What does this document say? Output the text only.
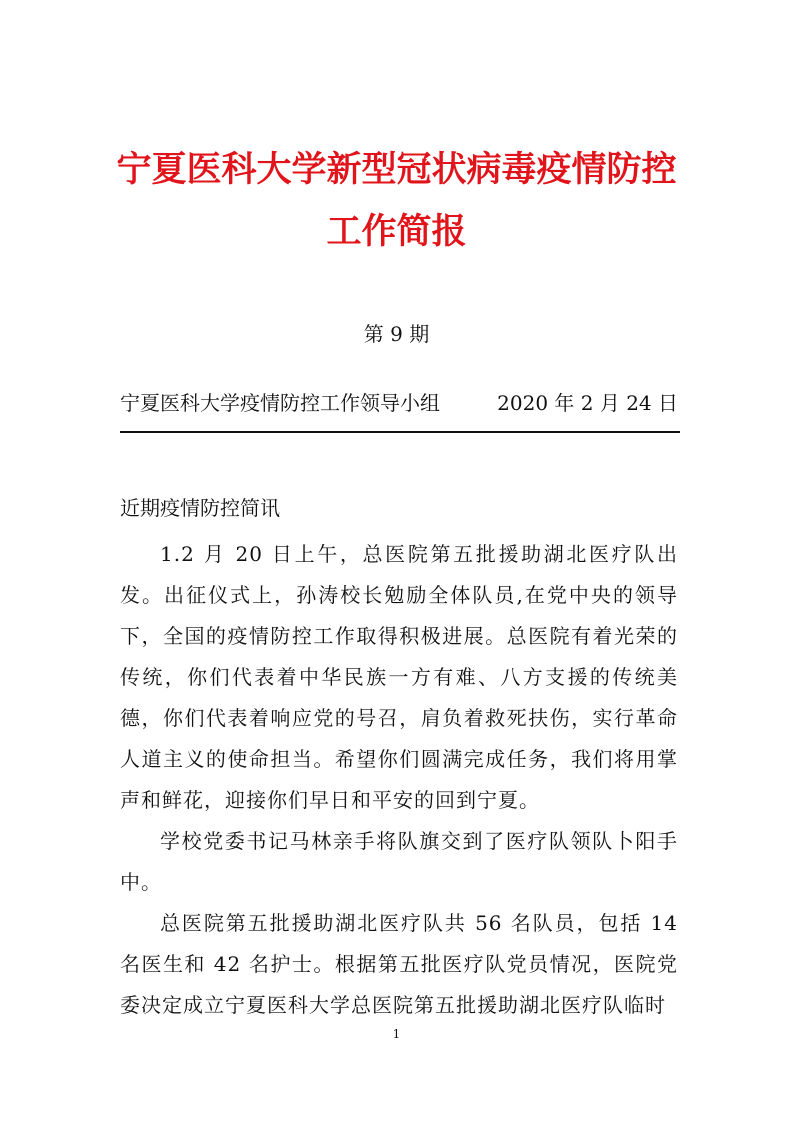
宁夏医科大学新型冠状病毒疫情防控
工作简报
第 9 期
宁夏医科大学疫情防控工作领导小组	2020 年 2 月 24 日
近期疫情防控简讯

1.2 月 20 日上午，总医院第五批援助湖北医疗队出发。出征仪式上，孙涛校长勉励全体队员,在党中央的领导下，全国的疫情防控工作取得积极进展。总医院有着光荣的传统，你们代表着中华民族一方有难、八方支援的传统美德，你们代表着响应党的号召，肩负着救死扶伤，实行革命人道主义的使命担当。希望你们圆满完成任务，我们将用掌声和鲜花，迎接你们早日和平安的回到宁夏。

学校党委书记马林亲手将队旗交到了医疗队领队卜阳手中。

总医院第五批援助湖北医疗队共 56 名队员，包括 14 名医生和 42 名护士。根据第五批医疗队党员情况，医院党委决定成立宁夏医科大学总医院第五批援助湖北医疗队临时

1
